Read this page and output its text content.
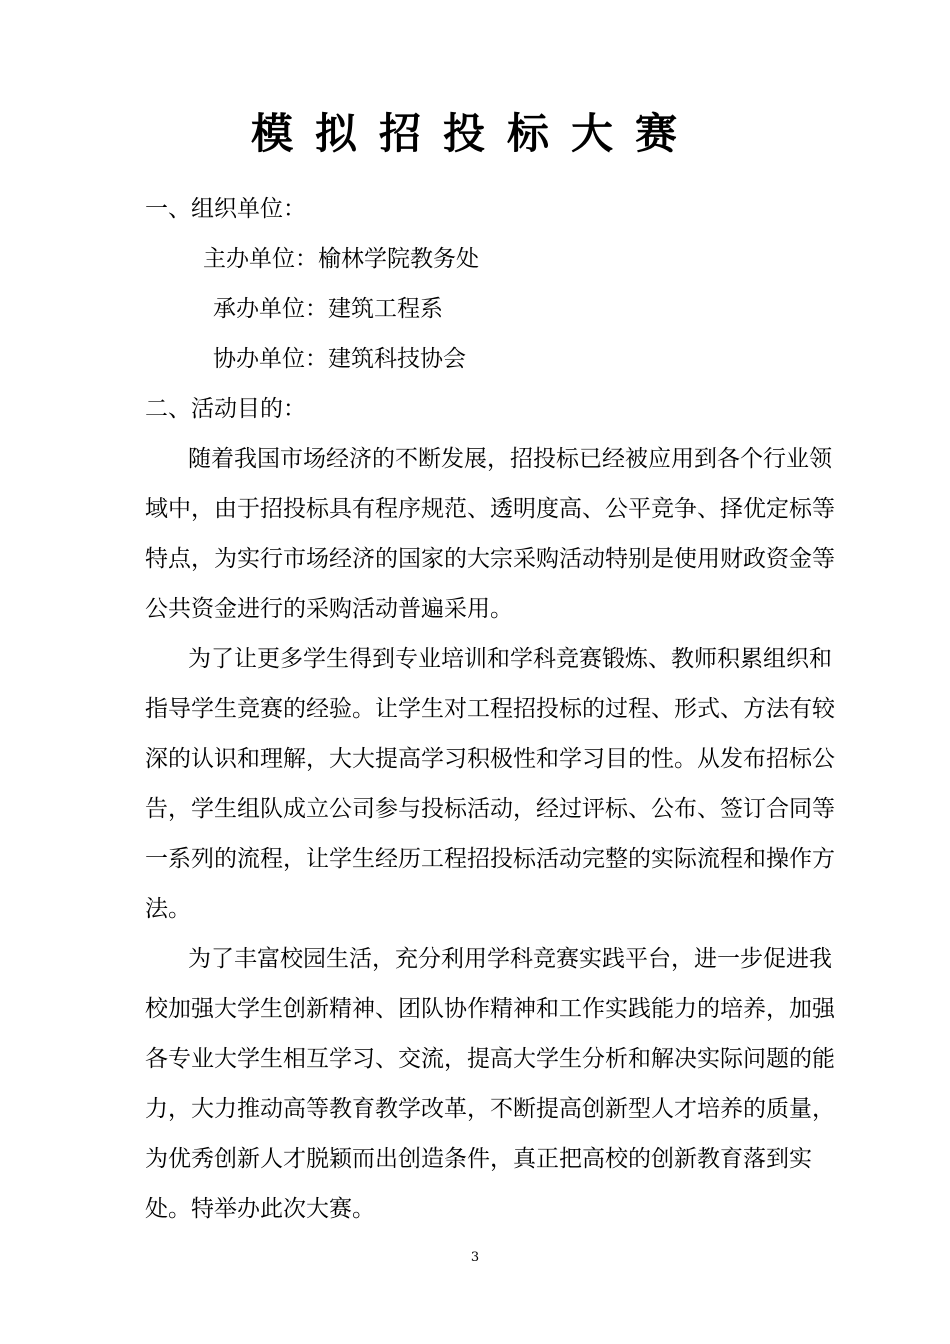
模拟招投标大赛
一、组织单位：
主办单位：榆林学院教务处
承办单位：建筑工程系
协办单位：建筑科技协会
二、活动目的：
随着我国市场经济的不断发展，招投标已经被应用到各个行业领
域中，由于招投标具有程序规范、透明度高、公平竞争、择优定标等
特点，为实行市场经济的国家的大宗采购活动特别是使用财政资金等
公共资金进行的采购活动普遍采用。
为了让更多学生得到专业培训和学科竞赛锻炼、教师积累组织和
指导学生竞赛的经验。让学生对工程招投标的过程、形式、方法有较
深的认识和理解，大大提高学习积极性和学习目的性。从发布招标公
告，学生组队成立公司参与投标活动，经过评标、公布、签订合同等
一系列的流程，让学生经历工程招投标活动完整的实际流程和操作方
法。
为了丰富校园生活，充分利用学科竞赛实践平台，进一步促进我
校加强大学生创新精神、团队协作精神和工作实践能力的培养，加强
各专业大学生相互学习、交流，提高大学生分析和解决实际问题的能
力，大力推动高等教育教学改革，不断提高创新型人才培养的质量，
为优秀创新人才脱颖而出创造条件，真正把高校的创新教育落到实
处。特举办此次大赛。
3
